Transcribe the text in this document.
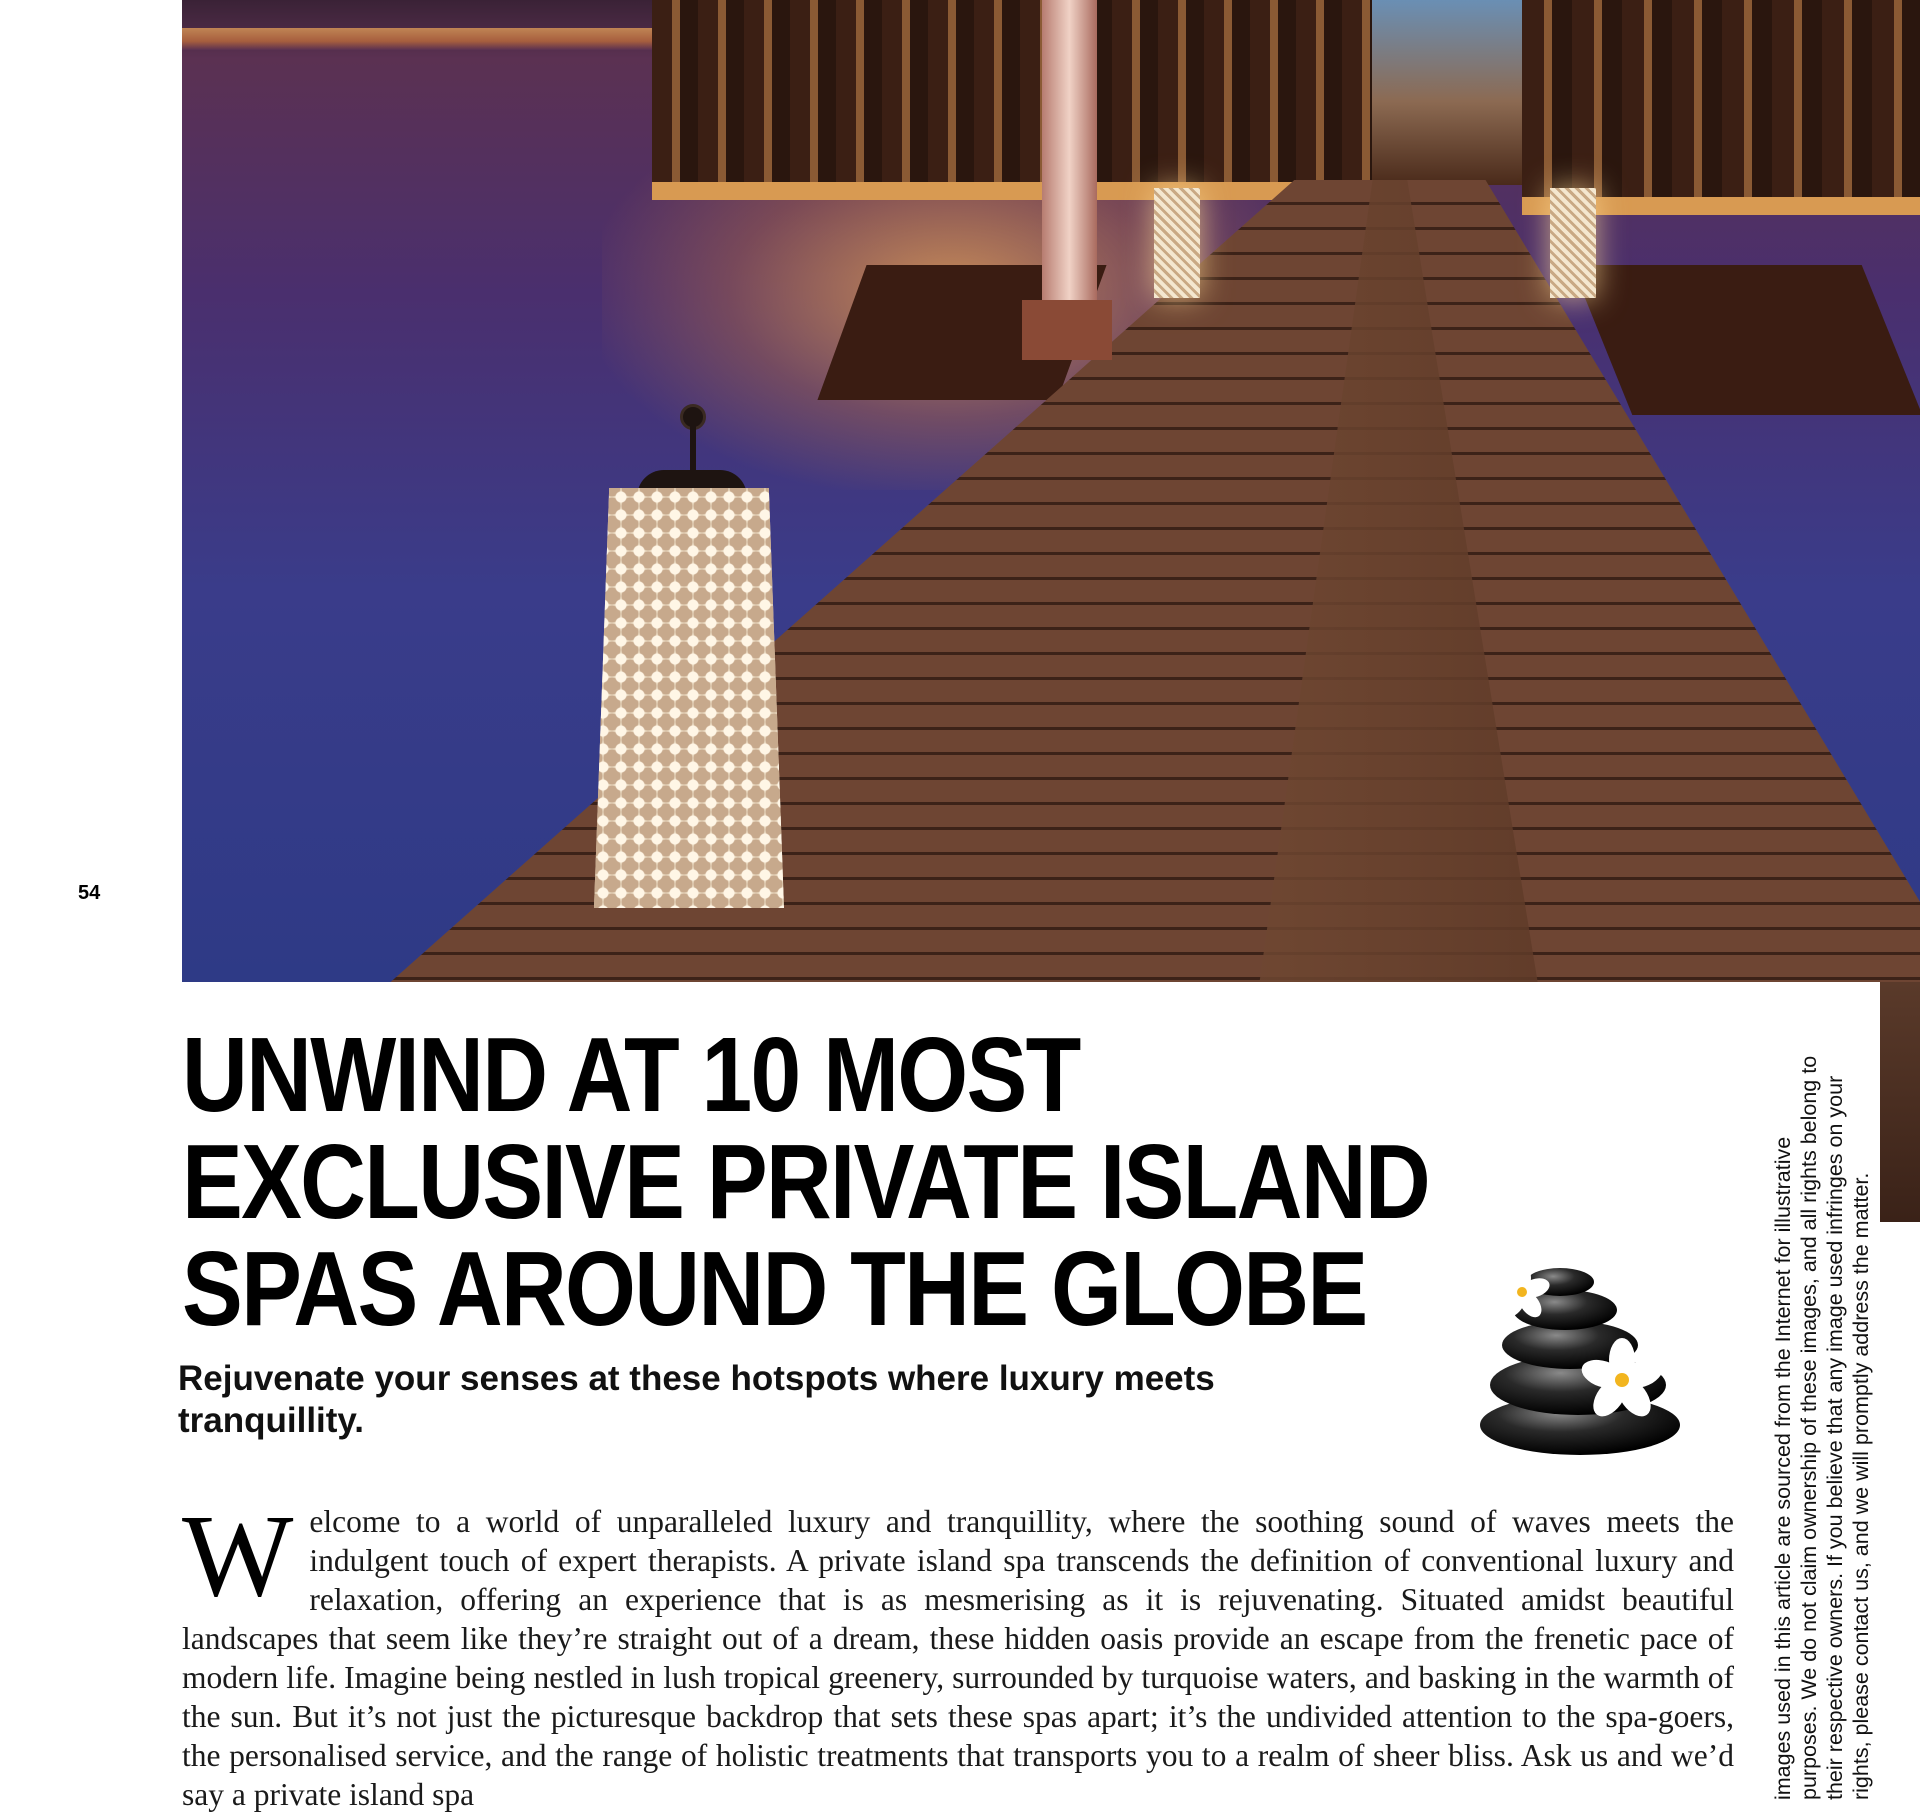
54
UNWIND AT 10 MOST
EXCLUSIVE PRIVATE ISLAND
SPAS AROUND THE GLOBE

Rejuvenate your senses at these hotspots where luxury meets tranquillity.

Welcome to a world of unparalleled luxury and tranquillity, where the soothing sound of waves meets the indulgent touch of expert therapists. A private island spa transcends the definition of conventional luxury and relaxation, offering an experience that is as mesmerising as it is rejuvenating. Situated amidst beautiful landscapes that seem like they’re straight out of a dream, these hidden oasis provide an escape from the frenetic pace of modern life. Imagine being nestled in lush tropical greenery, surrounded by turquoise waters, and basking in the warmth of the sun. But it’s not just the picturesque backdrop that sets these spas apart; it’s the undivided attention to the spa-goers, the personalised service, and the range of holistic treatments that transports you to a realm of sheer bliss. Ask us and we’d say a private island spa	images used in this article are sourced from the Internet for illustrative purposes. We do not claim ownership of these images, and all rights belong to their respective owners. If you believe that any image used infringes on your rights, please contact us, and we will promptly address the matter.
